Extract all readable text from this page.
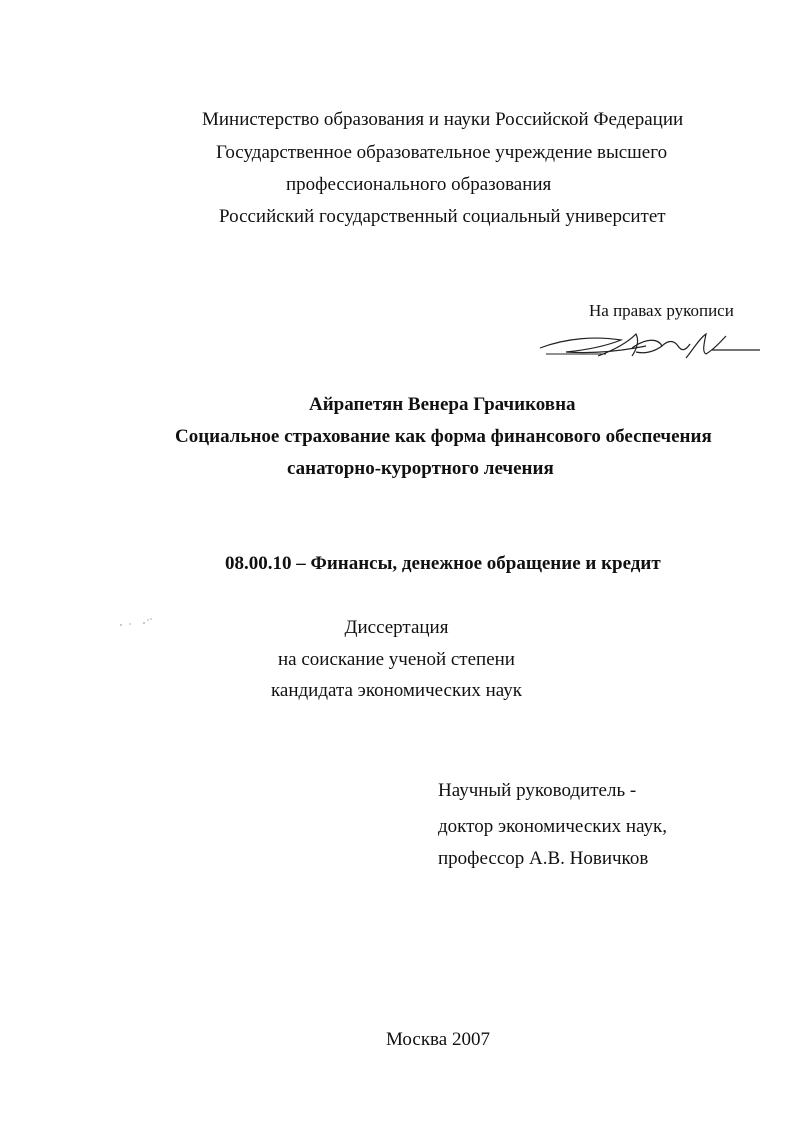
Министерство образования и науки Российской Федерации
Государственное образовательное учреждение высшего
профессионального образования
Российский государственный социальный университет
На правах рукописи
Айрапетян Венера Грачиковна
Социальное страхование как форма финансового обеспечения
санаторно-курортного лечения
08.00.10 – Финансы, денежное обращение и кредит
Диссертация
на соискание ученой степени
кандидата экономических наук
Научный руководитель -
доктор экономических наук,
профессор А.В. Новичков
Москва 2007
